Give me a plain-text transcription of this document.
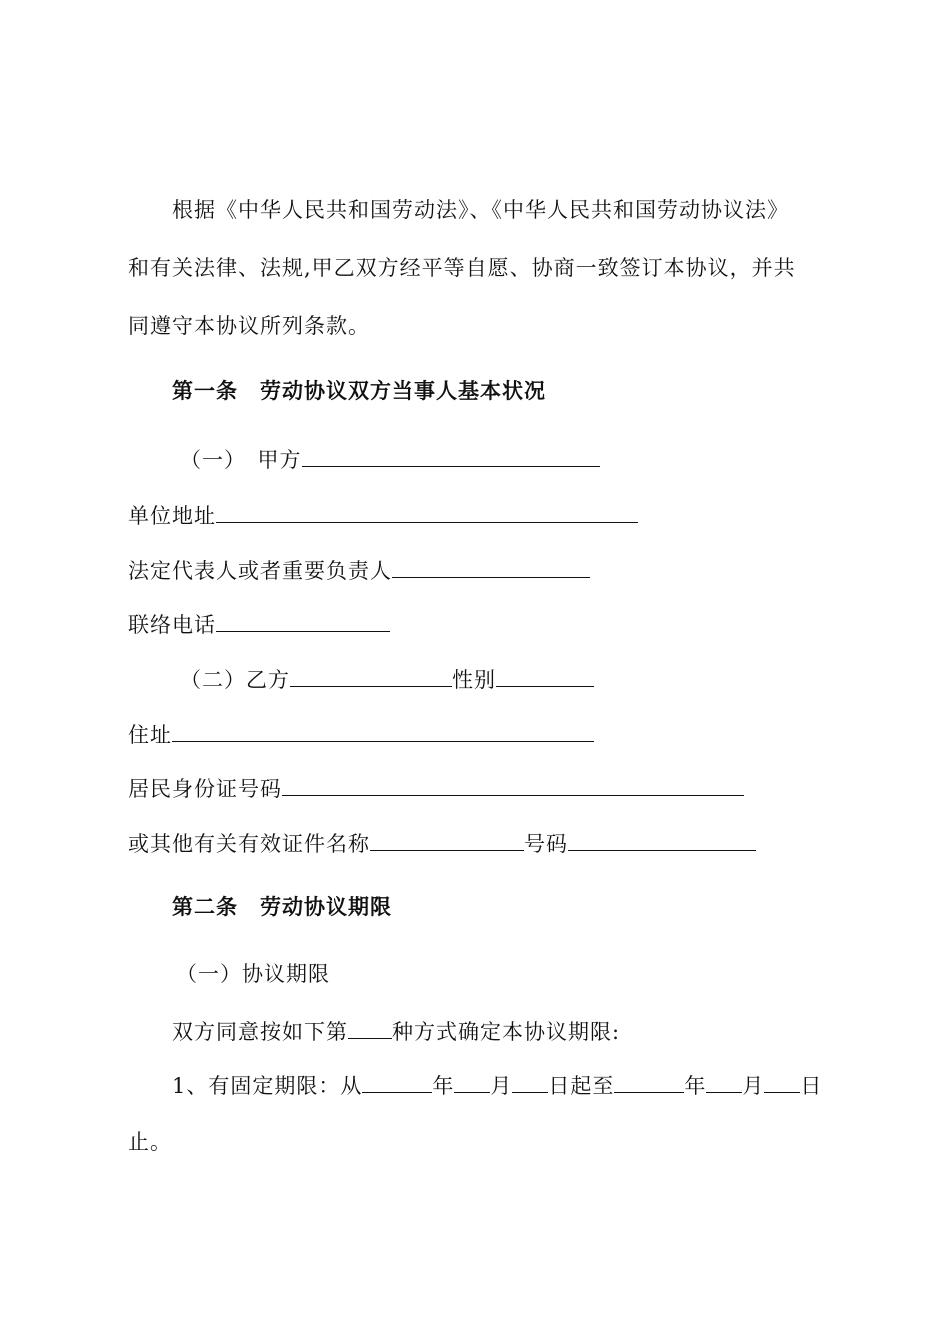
根据《中华人民共和国劳动法》、《中华人民共和国劳动协议法》
和有关法律、法规,甲乙双方经平等自愿、协商一致签订本协议，并共
同遵守本协议所列条款。
第一条　劳动协议双方当事人基本状况
（一）　甲方
单位地址
法定代表人或者重要负责人
联络电话
（二）乙方	性别
住址
居民身份证号码
或其他有关有效证件名称	号码
第二条　劳动协议期限
（一）协议期限
双方同意按如下第 种方式确定本协议期限:
1、有固定期限：从	年 月 日起至	年 月 日
止。
